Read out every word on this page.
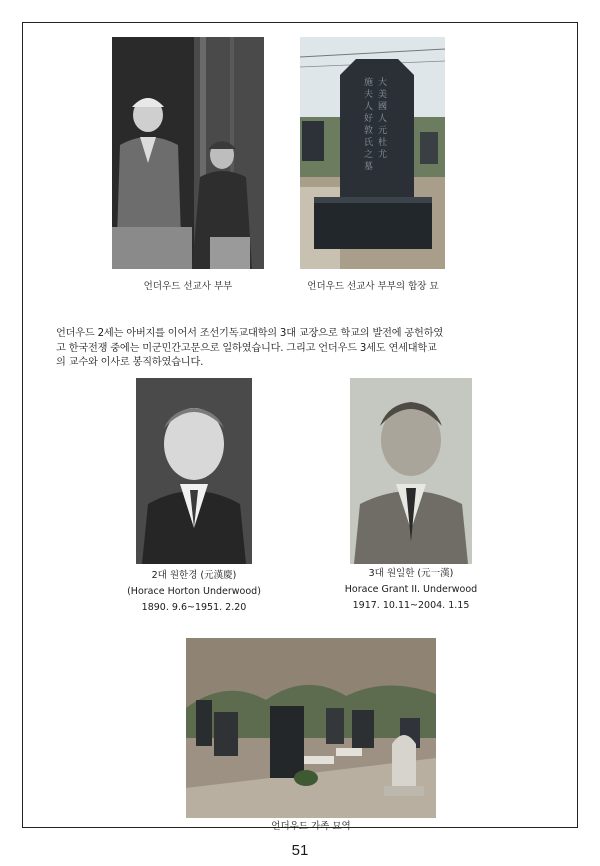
언더우드 선교사 부부
大美國人元杜尤
施夫人好敦氏之墓
언더우드 선교사 부부의 합장 묘
언더우드 2세는 아버지를 이어서 조선기독교대학의 3대 교장으로 학교의 발전에 공헌하였
고 한국전쟁 중에는 미군민간고문으로 일하였습니다. 그리고 언더우드 3세도 연세대학교
의 교수와 이사로 봉직하였습니다.
2대 원한경 (元漢慶)
(Horace Horton Underwood)
1890. 9.6~1951. 2.20
3대 원일한 (元一漢)
Horace Grant II. Underwood
1917. 10.11~2004. 1.15
언더우드 가족 묘역
51
